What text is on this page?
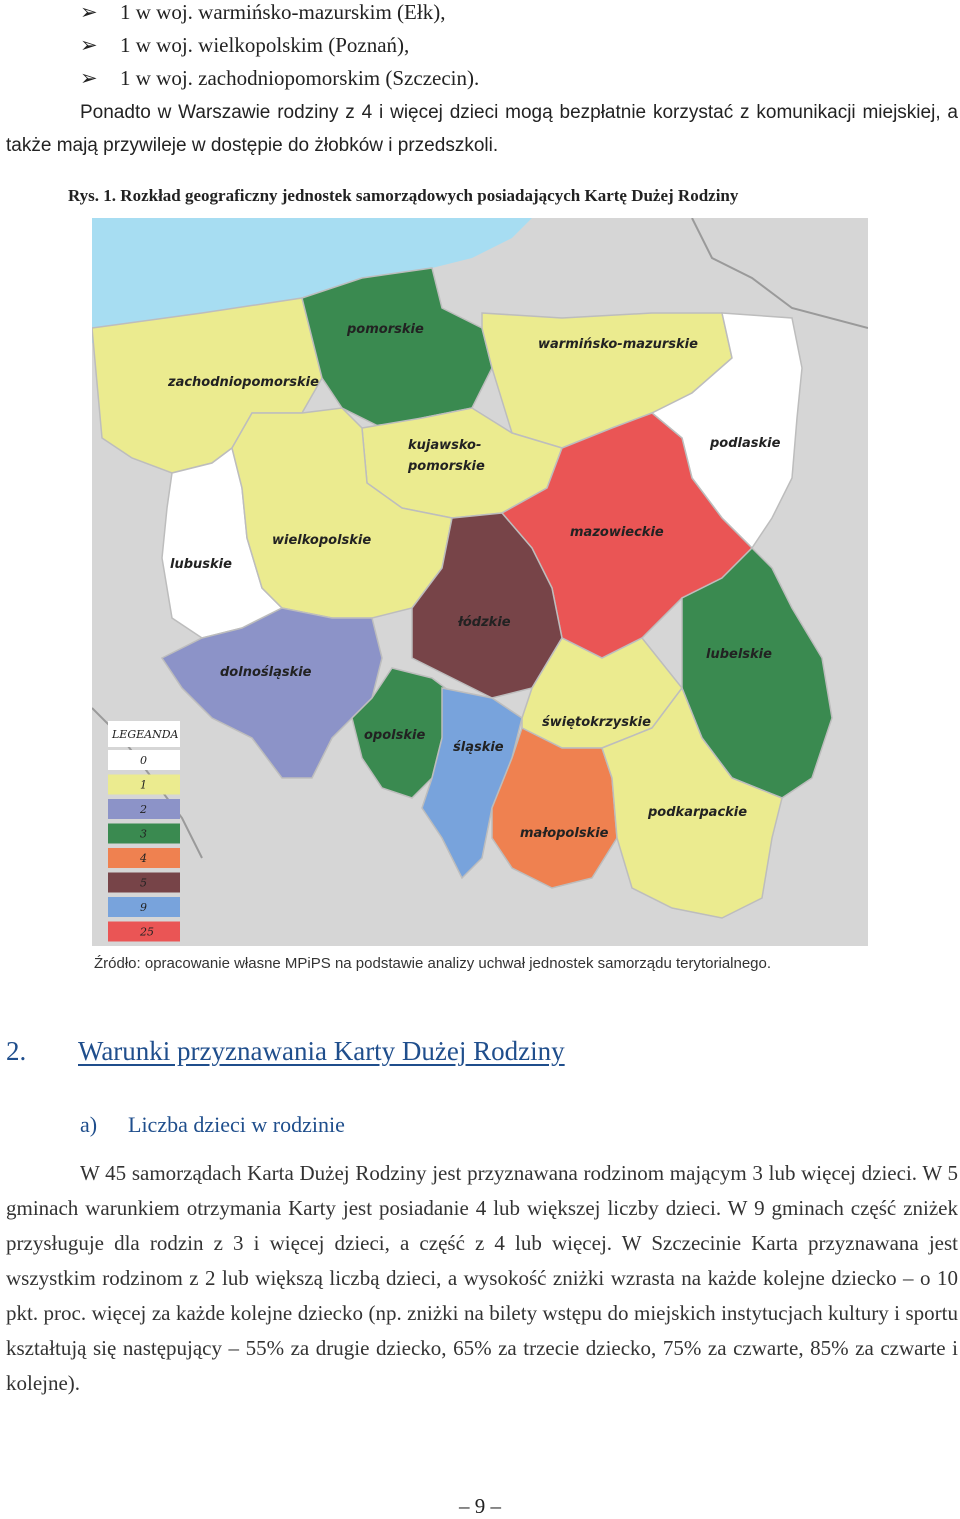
➢ 1 w woj. warmińsko-mazurskim (Ełk),
➢ 1 w woj. wielkopolskim (Poznań),
➢ 1 w woj. zachodniopomorskim (Szczecin).
Ponadto w Warszawie rodziny z 4 i więcej dzieci mogą bezpłatnie korzystać z komunikacji miejskiej, a także mają przywileje w dostępie do żłobków i przedszkoli.
Rys. 1. Rozkład geograficzny jednostek samorządowych posiadających Kartę Dużej Rodziny
pomorskie
warmińsko-mazurskie
zachodniopomorskie
kujawsko-
pomorskie
podlaskie
lubuskie
wielkopolskie
mazowieckie
łódzkie
lubelskie
dolnośląskie
opolskie
śląskie
świętokrzyskie
małopolskie
podkarpackie
LEGEANDA
0
1
2
3
4
5
9
25
Źródło: opracowanie własne MPiPS na podstawie analizy uchwał jednostek samorządu terytorialnego.
2. Warunki przyznawania Karty Dużej Rodziny
a) Liczba dzieci w rodzinie
W 45 samorządach Karta Dużej Rodziny jest przyznawana rodzinom mającym 3 lub więcej dzieci. W 5 gminach warunkiem otrzymania Karty jest posiadanie 4 lub większej liczby dzieci. W 9 gminach część zniżek przysługuje dla rodzin z 3 i więcej dzieci, a część z 4 lub więcej. W Szczecinie Karta przyznawana jest wszystkim rodzinom z 2 lub większą liczbą dzieci, a wysokość zniżki wzrasta na każde kolejne dziecko – o 10 pkt. proc. więcej za każde kolejne dziecko (np. zniżki na bilety wstępu do miejskich instytucjach kultury i sportu kształtują się następujący – 55% za drugie dziecko, 65% za trzecie dziecko, 75% za czwarte, 85% za czwarte i kolejne).
– 9 –
